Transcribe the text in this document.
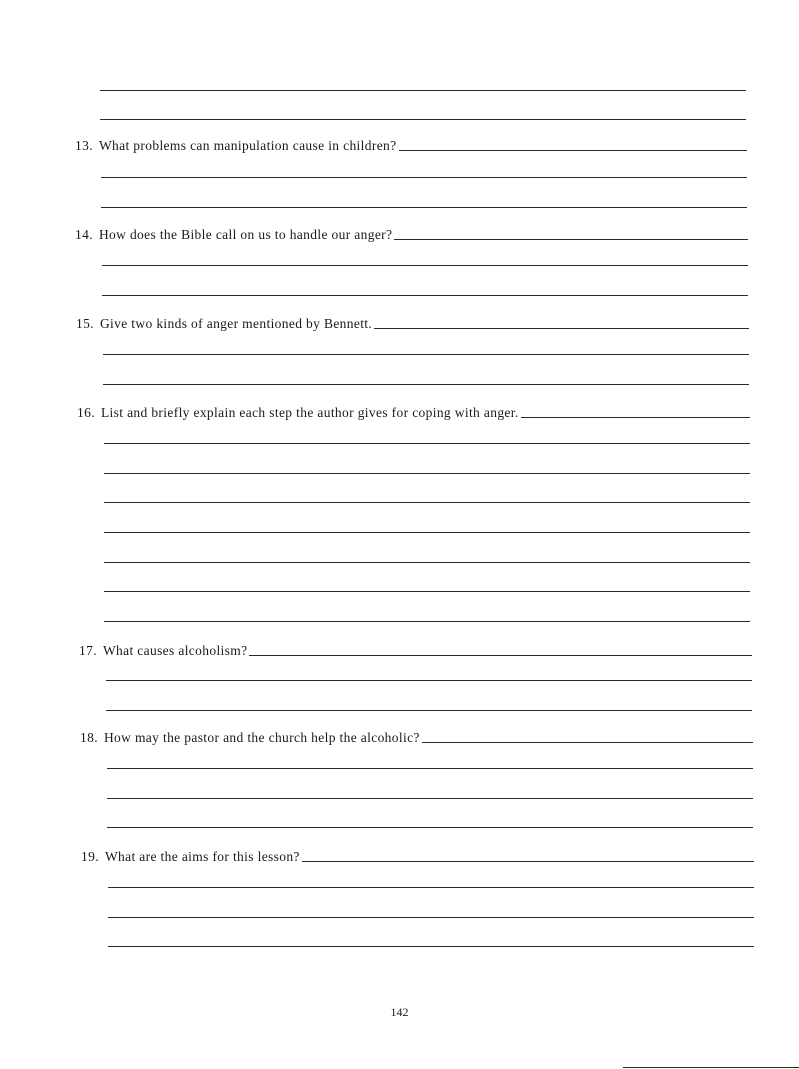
13. What problems can manipulation cause in children?
14. How does the Bible call on us to handle our anger?
15. Give two kinds of anger mentioned by Bennett.
16. List and briefly explain each step the author gives for coping with anger.
17. What causes alcoholism?
18. How may the pastor and the church help the alcoholic?
19. What are the aims for this lesson?
142
